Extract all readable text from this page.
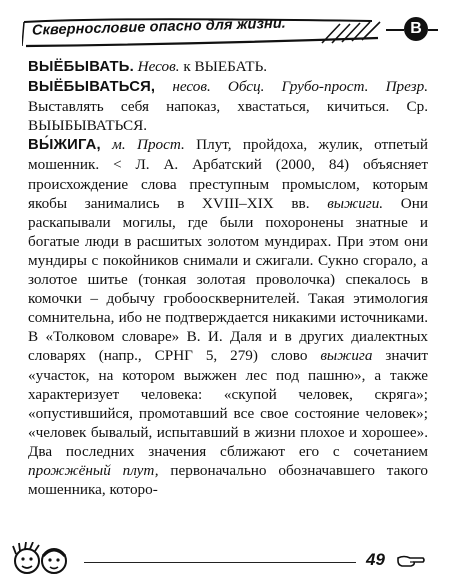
Сквернословие опасно для жизни.	В

ВЫЁБЫВАТЬ. Несов. к ВЫЕБАТЬ.

ВЫЁБЫВАТЬСЯ, несов. Обсц. Грубо-прост. Презр. Выставлять себя напоказ, хвастаться, кичиться. Ср. ВЫЫБЫВАТЬСЯ.

ВЫ́ЖИГА, м. Прост. Плут, пройдоха, жулик, отпетый мошенник. < Л. А. Арбатский (2000, 84) объясняет происхождение слова преступным промыслом, которым якобы занимались в XVIII–XIX вв. выжиги. Они раскапывали могилы, где были похоронены знатные и богатые люди в расшитых золотом мундирах. При этом они мундиры с покойников снимали и сжигали. Сукно сгорало, а золотое шитье (тонкая золотая проволочка) спекалось в комочки – добычу гробоосквернителей. Такая этимология сомнительна, ибо не подтверждается никакими источниками. В «Толковом словаре» В. И. Даля и в других диалектных словарях (напр., СРНГ 5, 279) слово выжига значит «участок, на котором выжжен лес под пашню», а также характеризует человека: «скупой человек, скряга»; «опустившийся, промотавший все свое состояние человек»; «человек бывалый, испытавший в жизни плохое и хорошее». Два последних значения сближают его с сочетанием прожжёный плут, первоначально обозначавшего такого мошенника, которо-

49
